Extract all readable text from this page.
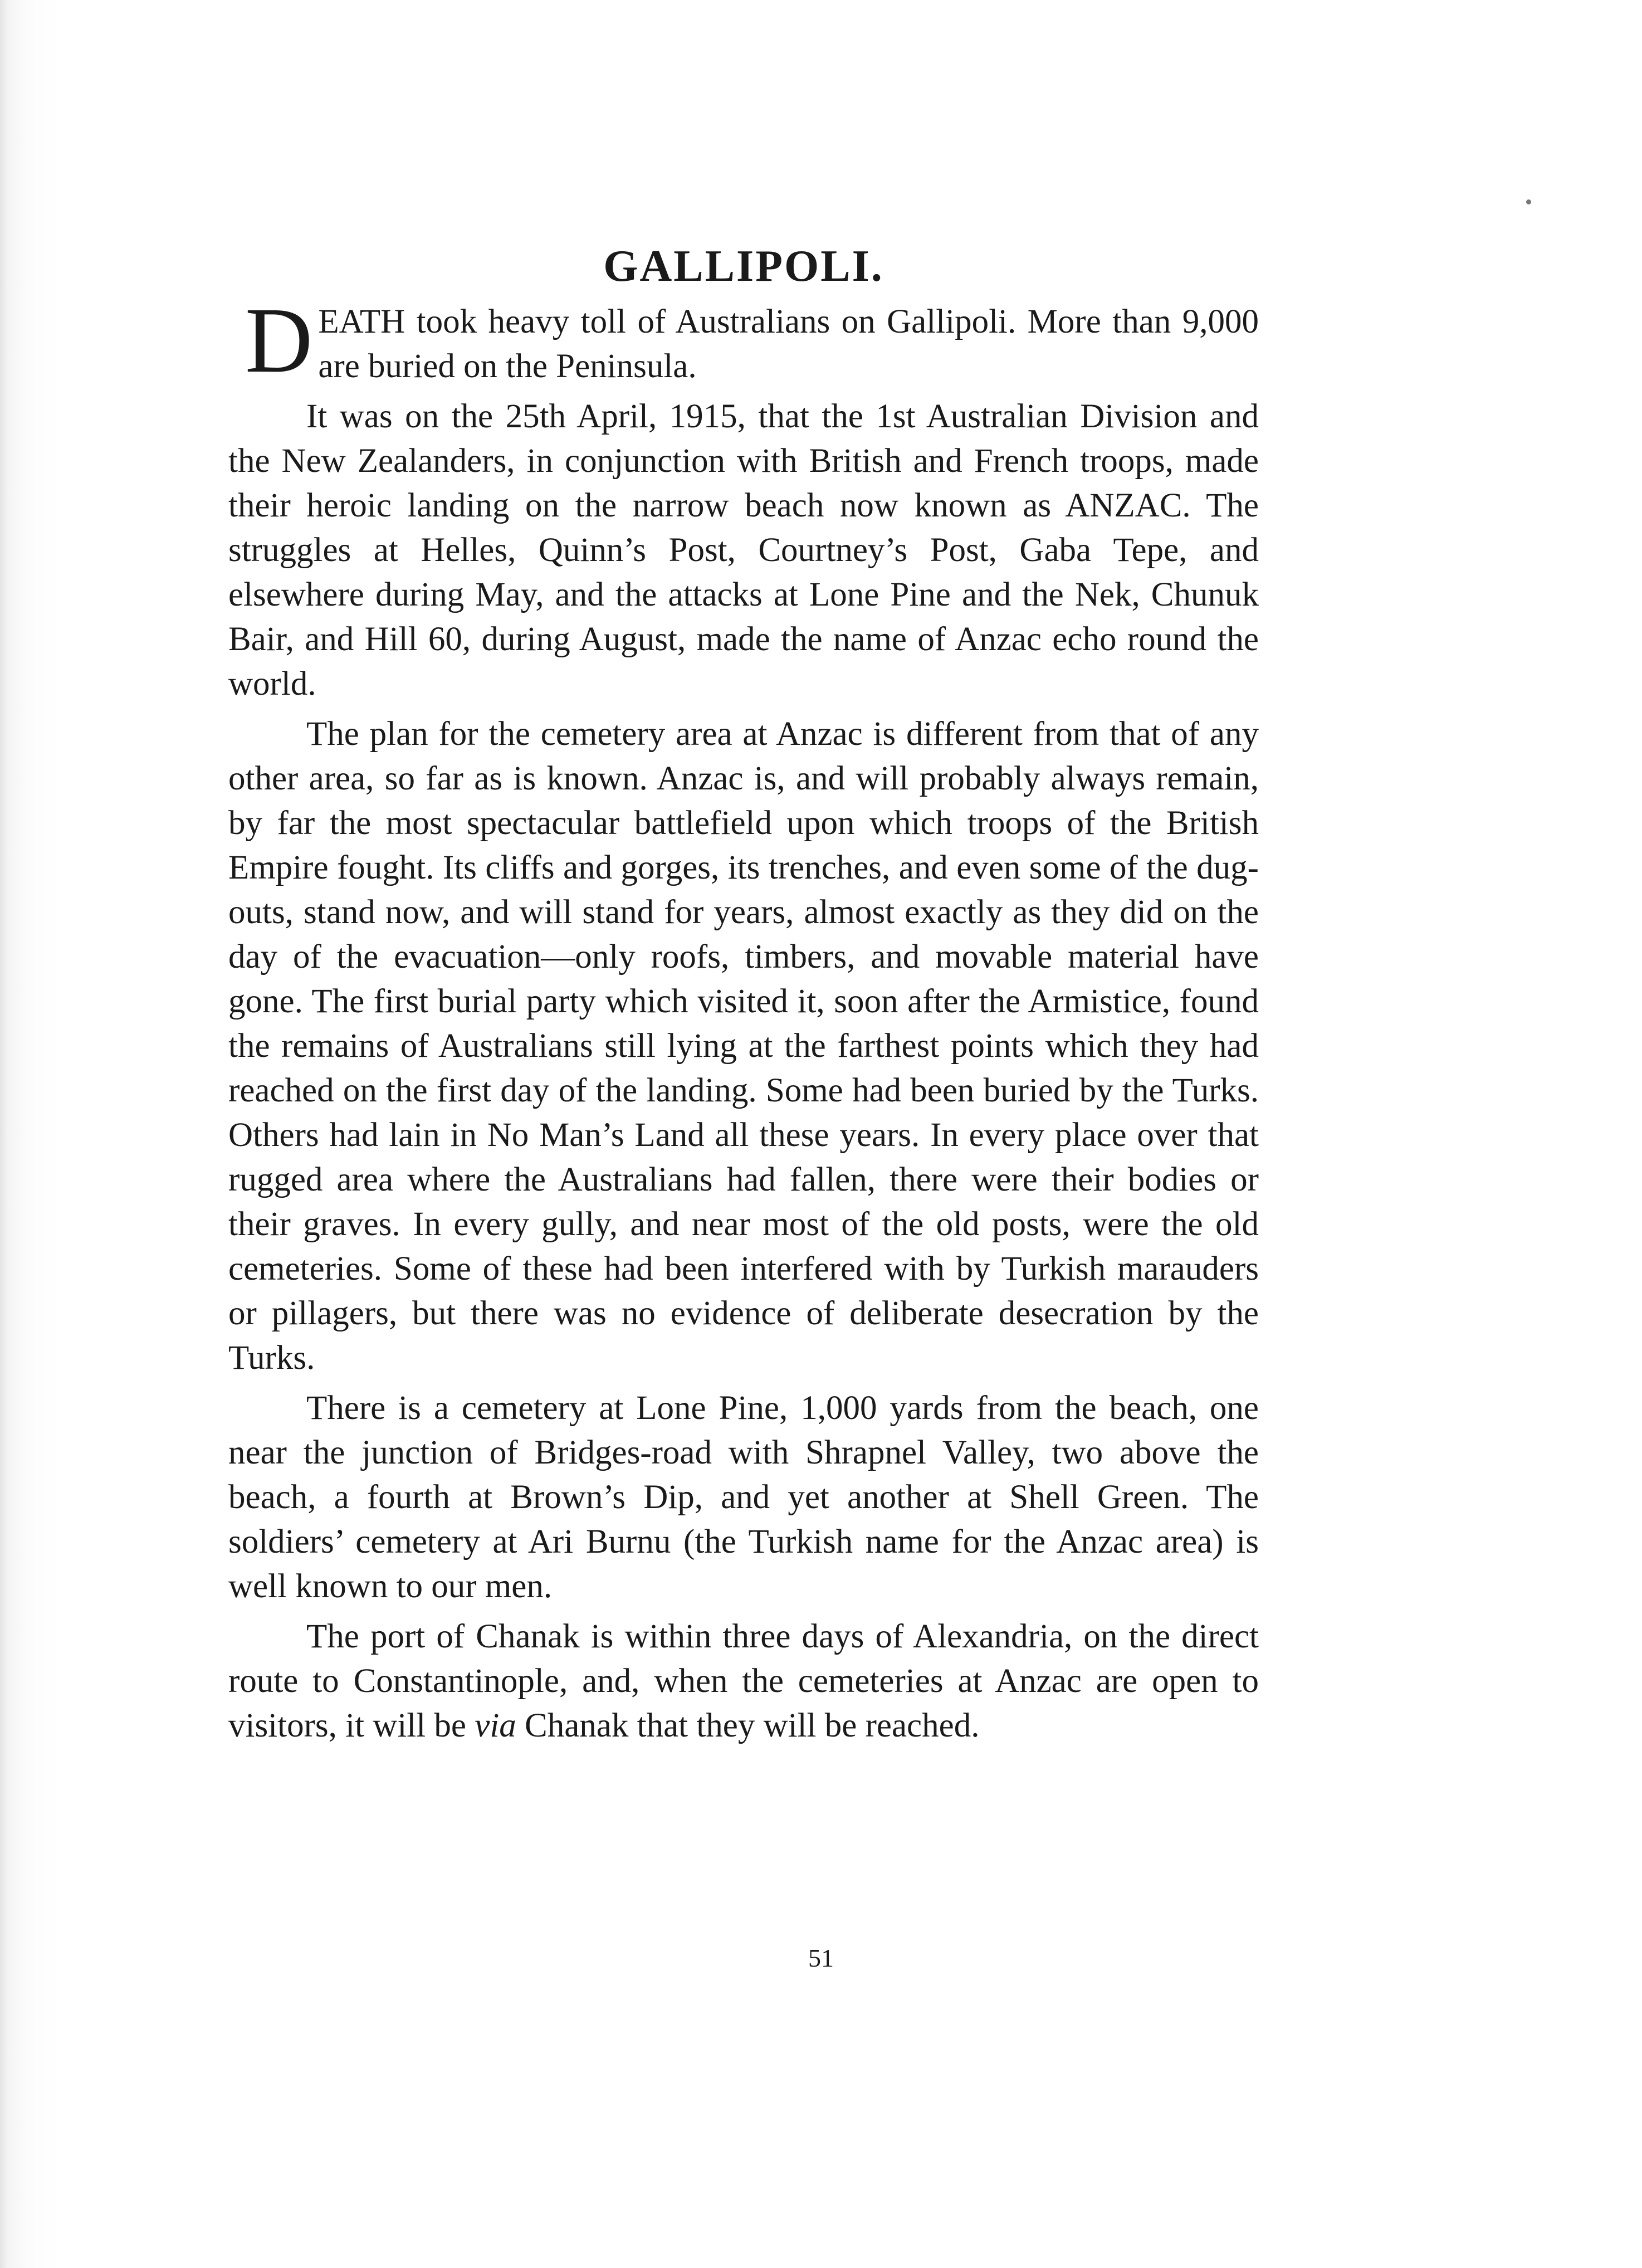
GALLIPOLI.

DEATH took heavy toll of Australians on Gallipoli. More than 9,000 are buried on the Peninsula.

It was on the 25th April, 1915, that the 1st Australian Division and the New Zealanders, in conjunction with British and French troops, made their heroic landing on the narrow beach now known as ANZAC. The struggles at Helles, Quinn’s Post, Courtney’s Post, Gaba Tepe, and elsewhere during May, and the attacks at Lone Pine and the Nek, Chunuk Bair, and Hill 60, during August, made the name of Anzac echo round the world.

The plan for the cemetery area at Anzac is different from that of any other area, so far as is known. Anzac is, and will probably always remain, by far the most spectacular battlefield upon which troops of the British Empire fought. Its cliffs and gorges, its trenches, and even some of the dug-outs, stand now, and will stand for years, almost exactly as they did on the day of the evacuation—only roofs, timbers, and movable material have gone. The first burial party which visited it, soon after the Armistice, found the remains of Australians still lying at the farthest points which they had reached on the first day of the landing. Some had been buried by the Turks. Others had lain in No Man’s Land all these years. In every place over that rugged area where the Australians had fallen, there were their bodies or their graves. In every gully, and near most of the old posts, were the old cemeteries. Some of these had been interfered with by Turkish marauders or pillagers, but there was no evidence of deliberate desecration by the Turks.

There is a cemetery at Lone Pine, 1,000 yards from the beach, one near the junction of Bridges-road with Shrapnel Valley, two above the beach, a fourth at Brown’s Dip, and yet another at Shell Green. The soldiers’ cemetery at Ari Burnu (the Turkish name for the Anzac area) is well known to our men.

The port of Chanak is within three days of Alexandria, on the direct route to Constantinople, and, when the cemeteries at Anzac are open to visitors, it will be via Chanak that they will be reached.

51
